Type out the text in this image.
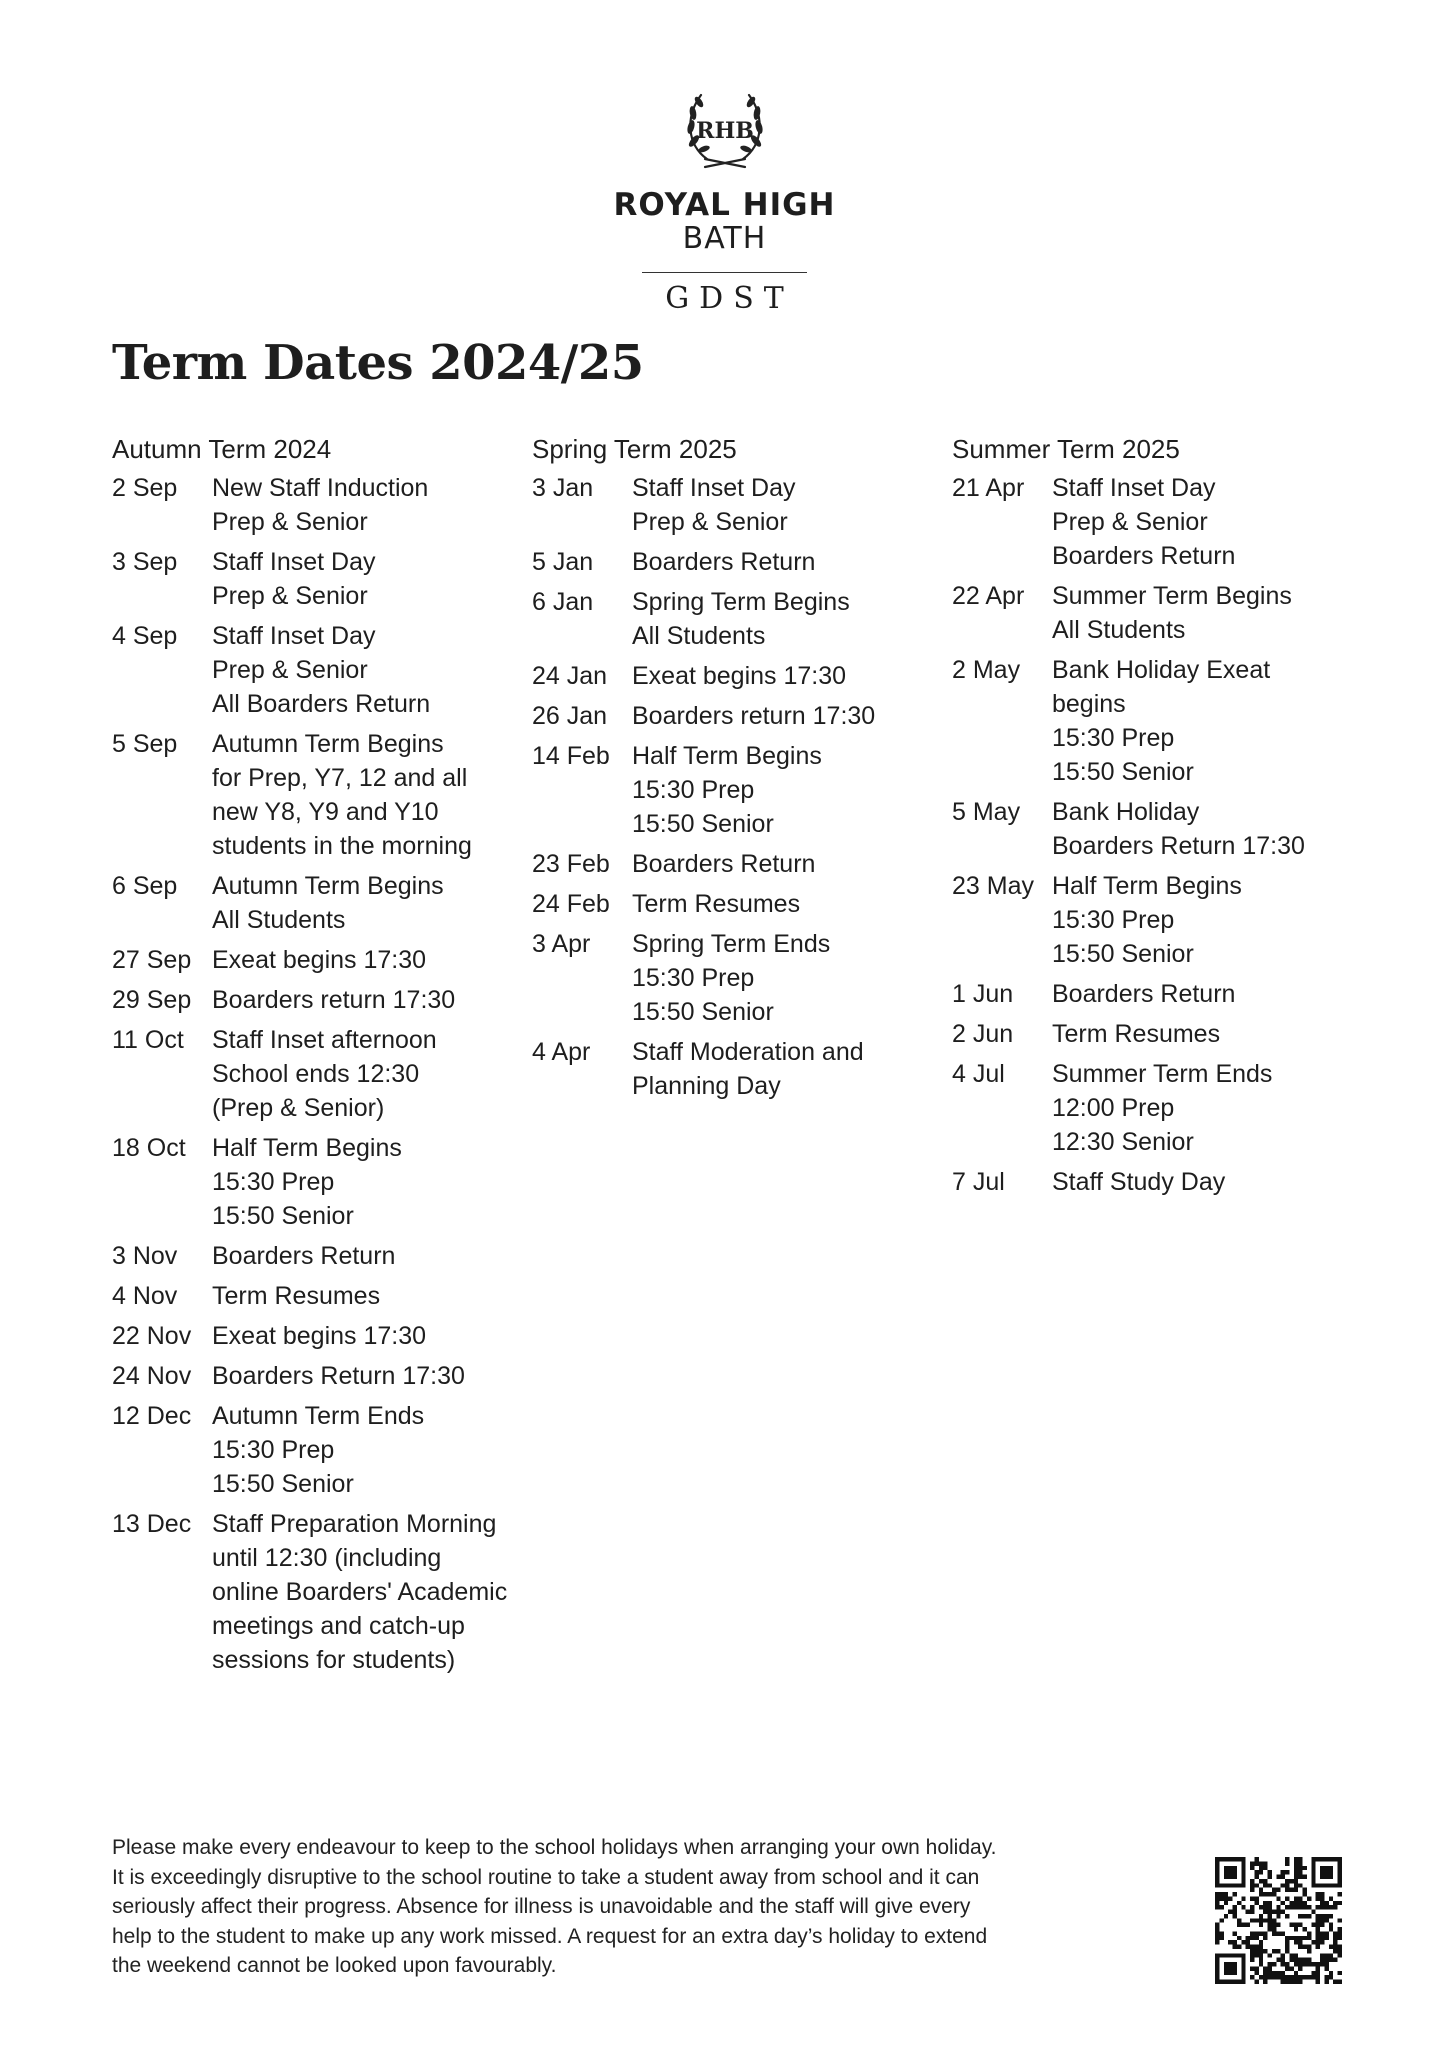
RHB
ROYAL HIGH
BATH
GDST
Term Dates 2024/25
Autumn Term 2024
2 Sep	New Staff Induction
Prep & Senior
3 Sep	Staff Inset Day
Prep & Senior
4 Sep	Staff Inset Day
Prep & Senior
All Boarders Return
5 Sep	Autumn Term Begins
for Prep, Y7, 12 and all
new Y8, Y9 and Y10
students in the morning
6 Sep	Autumn Term Begins
All Students
27 Sep Exeat begins 17:30
29 Sep Boarders return 17:30
11 Oct	Staff Inset afternoon
School ends 12:30
(Prep & Senior)
18 Oct	Half Term Begins
15:30 Prep
15:50 Senior
3 Nov	Boarders Return
4 Nov	Term Resumes
22 Nov Exeat begins 17:30
24 Nov Boarders Return 17:30
12 Dec Autumn Term Ends
15:30 Prep
15:50 Senior
13 Dec Staff Preparation Morning
until 12:30 (including
online Boarders' Academic
meetings and catch-up
sessions for students)
Spring Term 2025
3 Jan	Staff Inset Day
Prep & Senior
5 Jan	Boarders Return
6 Jan	Spring Term Begins
All Students
24 Jan Exeat begins 17:30
26 Jan Boarders return 17:30
14 Feb Half Term Begins
15:30 Prep
15:50 Senior
23 Feb Boarders Return
24 Feb Term Resumes
3 Apr	Spring Term Ends
15:30 Prep
15:50 Senior
4 Apr	Staff Moderation and
Planning Day
Summer Term 2025
21 Apr	Staff Inset Day
Prep & Senior
Boarders Return
22 Apr	Summer Term Begins
All Students
2 May	Bank Holiday Exeat
begins
15:30 Prep
15:50 Senior
5 May	Bank Holiday
Boarders Return 17:30
23 May Half Term Begins
15:30 Prep
15:50 Senior
1 Jun	Boarders Return
2 Jun	Term Resumes
4 Jul	Summer Term Ends
12:00 Prep
12:30 Senior
7 Jul	Staff Study Day
Please make every endeavour to keep to the school holidays when arranging your own holiday.
It is exceedingly disruptive to the school routine to take a student away from school and it can
seriously affect their progress. Absence for illness is unavoidable and the staff will give every
help to the student to make up any work missed. A request for an extra day’s holiday to extend
the weekend cannot be looked upon favourably.
